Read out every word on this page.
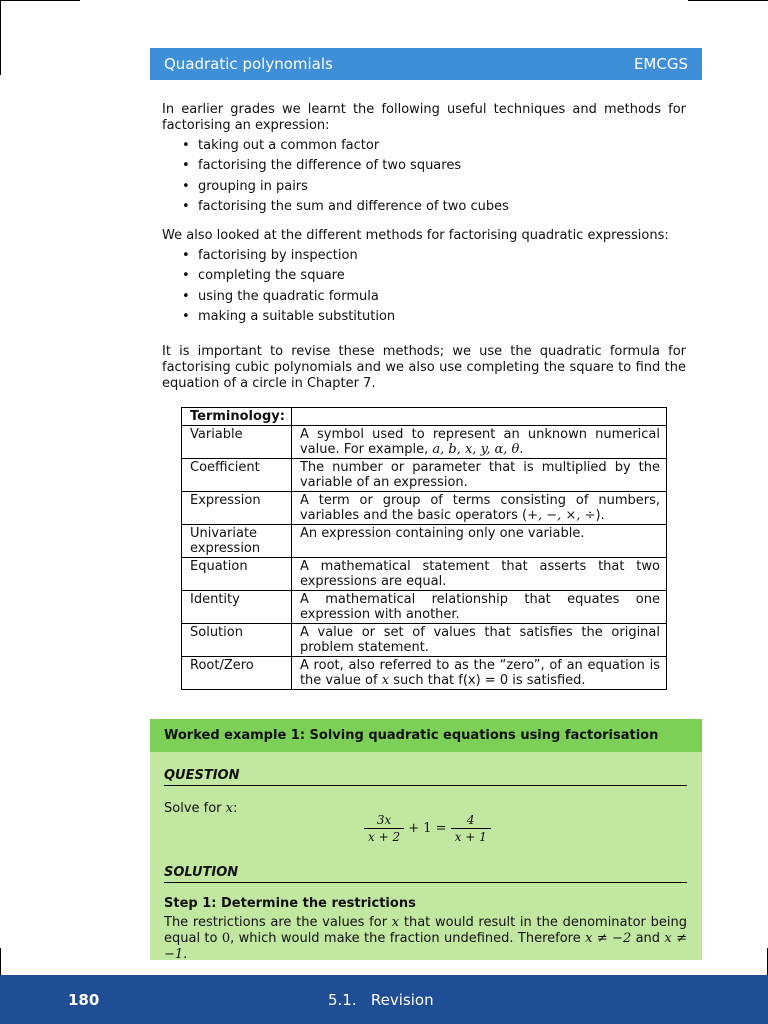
Quadratic polynomials	EMCGS

In earlier grades we learnt the following useful techniques and methods for factorising an expression:

• taking out a common factor
• factorising the difference of two squares
• grouping in pairs
• factorising the sum and difference of two cubes

We also looked at the different methods for factorising quadratic expressions:

• factorising by inspection
• completing the square
• using the quadratic formula
• making a suitable substitution

It is important to revise these methods; we use the quadratic formula for factorising cubic polynomials and we also use completing the square to find the equation of a circle in Chapter 7.

Terminology:	
Variable	A symbol used to represent an unknown numerical value. For example, a, b, x, y, α, θ.
Coefficient	The number or parameter that is multiplied by the variable of an expression.
Expression	A term or group of terms consisting of numbers, variables and the basic operators (+, −, ×, ÷).
Univariate expression	An expression containing only one variable.
Equation	A mathematical statement that asserts that two expressions are equal.
Identity	A mathematical relationship that equates one expression with another.
Solution	A value or set of values that satisfies the original problem statement.
Root/Zero	A root, also referred to as the “zero”, of an equation is the value of x such that f(x) = 0 is satisfied.
Worked example 1: Solving quadratic equations using factorisation
QUESTION
Solve for x:
$\frac{3x}{x + 2} + 1 = \frac{4}{x + 1}$
SOLUTION
Step 1: Determine the restrictions
The restrictions are the values for x that would result in the denominator being equal to 0, which would make the fraction undefined. Therefore x ≠ −2 and x ≠ −1.
180	5.1.   Revision
